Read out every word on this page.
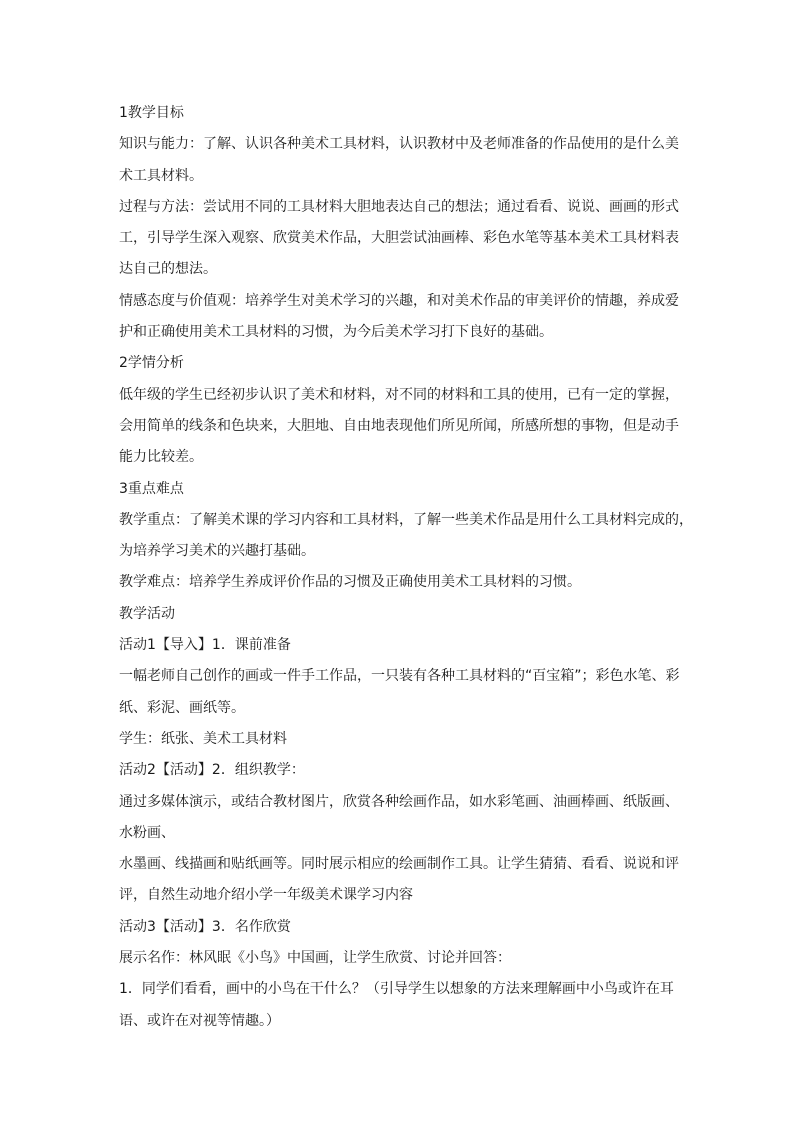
1教学目标
知识与能力：了解、认识各种美术工具材料，认识教材中及老师准备的作品使用的是什么美
术工具材料。
过程与方法：尝试用不同的工具材料大胆地表达自己的想法；通过看看、说说、画画的形式
工，引导学生深入观察、欣赏美术作品，大胆尝试油画棒、彩色水笔等基本美术工具材料表
达自己的想法。
情感态度与价值观：培养学生对美术学习的兴趣，和对美术作品的审美评价的情趣，养成爱
护和正确使用美术工具材料的习惯，为今后美术学习打下良好的基础。
2学情分析
低年级的学生已经初步认识了美术和材料，对不同的材料和工具的使用，已有一定的掌握，
会用简单的线条和色块来，大胆地、自由地表现他们所见所闻，所感所想的事物，但是动手
能力比较差。
3重点难点
教学重点：了解美术课的学习内容和工具材料，了解一些美术作品是用什么工具材料完成的，
为培养学习美术的兴趣打基础。
教学难点：培养学生养成评价作品的习惯及正确使用美术工具材料的习惯。
教学活动
活动1【导入】1．课前准备
一幅老师自己创作的画或一件手工作品，一只装有各种工具材料的“百宝箱”；彩色水笔、彩
纸、彩泥、画纸等。
学生：纸张、美术工具材料
活动2【活动】2．组织教学：
通过多媒体演示，或结合教材图片，欣赏各种绘画作品，如水彩笔画、油画棒画、纸版画、
水粉画、
水墨画、线描画和贴纸画等。同时展示相应的绘画制作工具。让学生猜猜、看看、说说和评
评，自然生动地介绍小学一年级美术课学习内容
活动3【活动】3．名作欣赏
展示名作：林风眠《小鸟》中国画，让学生欣赏、讨论并回答：
1．同学们看看，画中的小鸟在干什么？（引导学生以想象的方法来理解画中小鸟或许在耳
语、或许在对视等情趣。）
